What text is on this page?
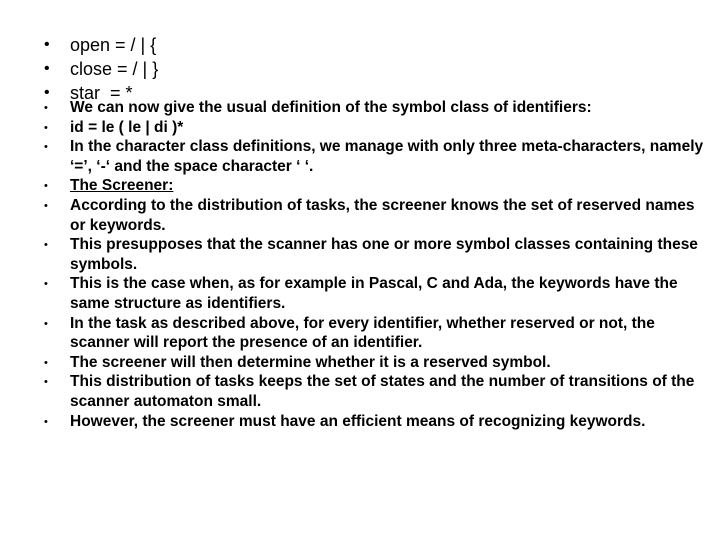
• open = / | {
• close = / | }
• star  = *
• We can now give the usual definition of the symbol class of identifiers:
• id = le ( le | di )*
• In the character class definitions, we manage with only three meta-characters, namely ‘=’, ‘-‘ and the space character ‘ ‘.
• The Screener:
• According to the distribution of tasks, the screener knows the set of reserved names or keywords.
• This presupposes that the scanner has one or more symbol classes containing these symbols.
• This is the case when, as for example in Pascal, C and Ada, the keywords have the same structure as identifiers.
• In the task as described above, for every identifier, whether reserved or not, the scanner will report the presence of an identifier.
• The screener will then determine whether it is a reserved symbol.
• This distribution of tasks keeps the set of states and the number of transitions of the scanner automaton small.
• However, the screener must have an efficient means of recognizing keywords.
